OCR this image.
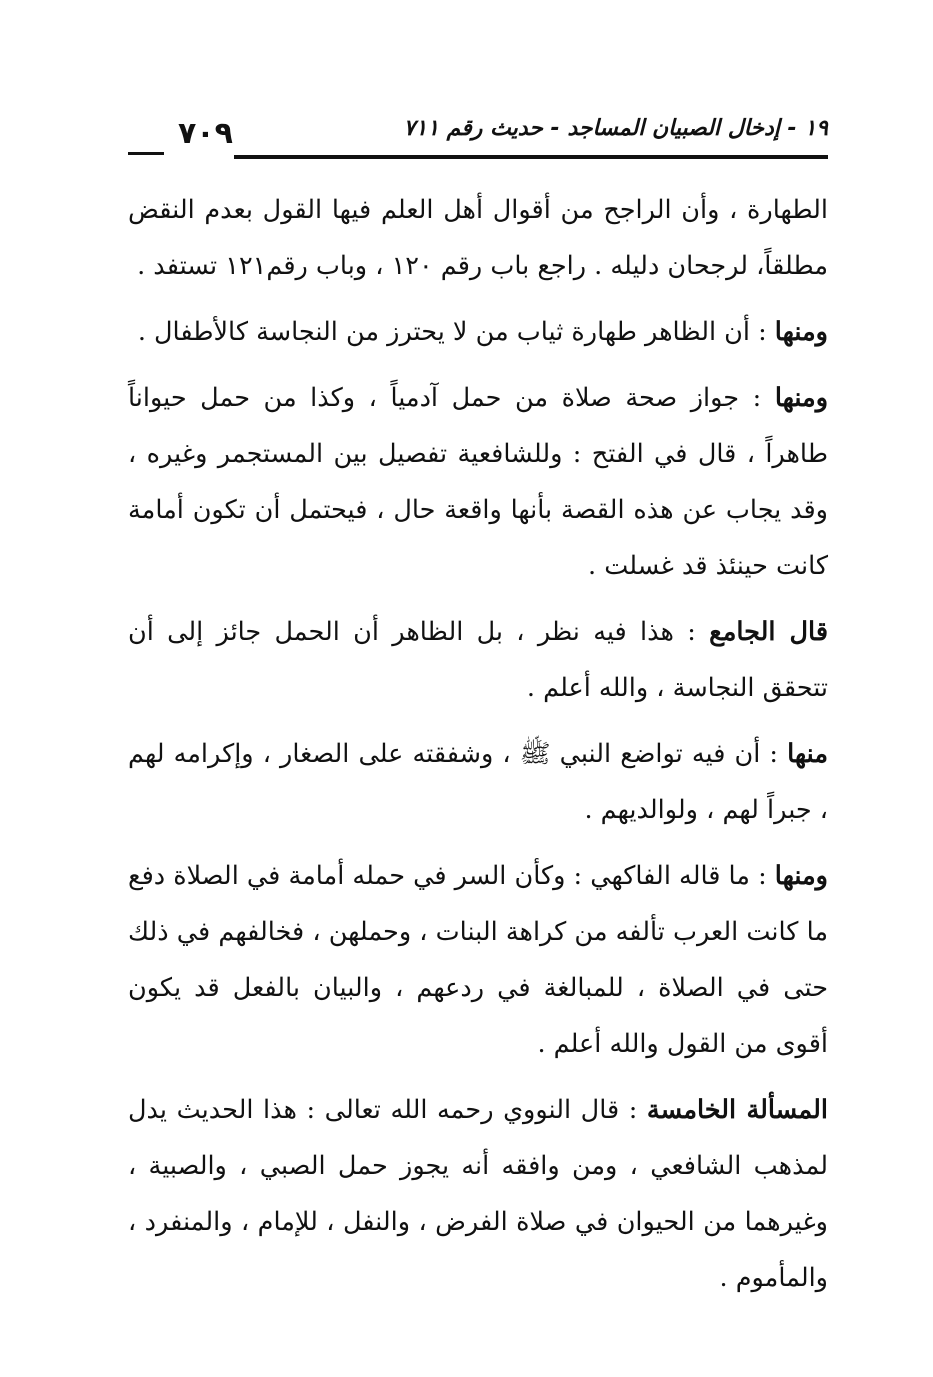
٧٠٩	١٩ - إدخال الصبيان المساجد - حديث رقم ٧١١

الطهارة ، وأن الراجح من أقوال أهل العلم فيها القول بعدم النقض مطلقاً، لرجحان دليله . راجع باب رقم ١٢٠ ، وباب رقم١٢١ تستفد .

ومنها : أن الظاهر طهارة ثياب من لا يحترز من النجاسة كالأطفال .

ومنها : جواز صحة صلاة من حمل آدمياً ، وكذا من حمل حيواناً طاهراً ، قال في الفتح : وللشافعية تفصيل بين المستجمر وغيره ، وقد يجاب عن هذه القصة بأنها واقعة حال ، فيحتمل أن تكون أمامة كانت حينئذ قد غسلت .

قال الجامع : هذا فيه نظر ، بل الظاهر أن الحمل جائز إلى أن تتحقق النجاسة ، والله أعلم .

منها : أن فيه تواضع النبي ﷺ ، وشفقته على الصغار ، وإكرامه لهم ، جبراً لهم ، ولوالديهم .

ومنها : ما قاله الفاكهي : وكأن السر في حمله أمامة في الصلاة دفع ما كانت العرب تألفه من كراهة البنات ، وحملهن ، فخالفهم في ذلك حتى في الصلاة ، للمبالغة في ردعهم ، والبيان بالفعل قد يكون أقوى من القول والله أعلم .

المسألة الخامسة : قال النووي رحمه الله تعالى : هذا الحديث يدل لمذهب الشافعي ، ومن وافقه أنه يجوز حمل الصبي ، والصبية ، وغيرهما من الحيوان في صلاة الفرض ، والنفل ، للإمام ، والمنفرد ، والمأموم .
